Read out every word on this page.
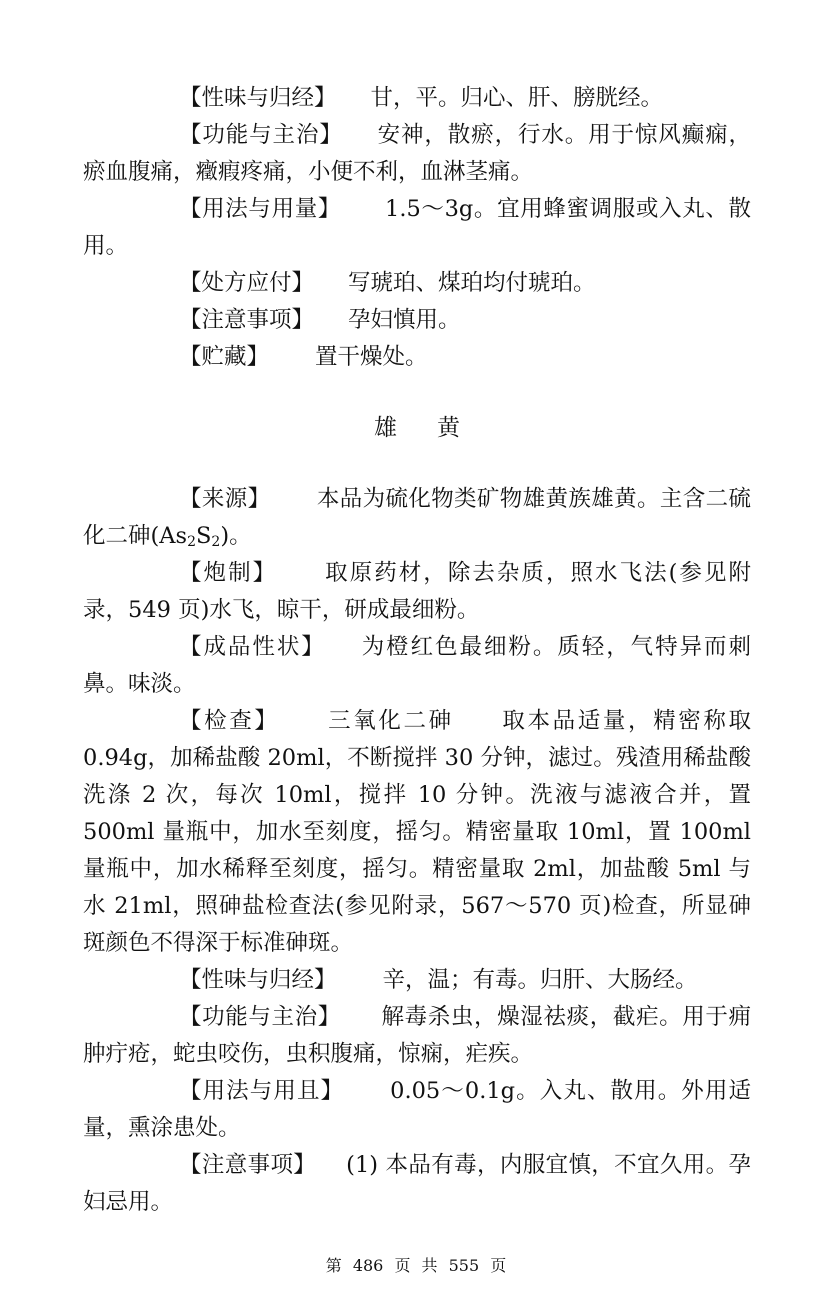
【性味与归经】 甘，平。归心、肝、膀胱经。

【功能与主治】 安神，散瘀，行水。用于惊风癫痫，瘀血腹痛，癥瘕疼痛，小便不利，血淋茎痛。

【用法与用量】 1.5～3g。宜用蜂蜜调服或入丸、散用。

【处方应付】 写琥珀、煤珀均付琥珀。

【注意事项】 孕妇慎用。

【贮藏】 置干燥处。

雄黄

【来源】 本品为硫化物类矿物雄黄族雄黄。主含二硫化二砷$(As_2S_2)$。

【炮制】 取原药材，除去杂质，照水飞法(参见附录，549 页)水飞，晾干，研成最细粉。

【成品性状】 为橙红色最细粉。质轻，气特异而刺鼻。味淡。

【检查】 三氧化二砷 取本品适量，精密称取 0.94g，加稀盐酸 20ml，不断搅拌 30 分钟，滤过。残渣用稀盐酸洗涤 2 次，每次 10ml，搅拌 10 分钟。洗液与滤液合并，置 500ml 量瓶中，加水至刻度，摇匀。精密量取 10ml，置 100ml 量瓶中，加水稀释至刻度，摇匀。精密量取 2ml，加盐酸 5ml 与水 21ml，照砷盐检查法(参见附录，567～570 页)检查，所显砷斑颜色不得深于标准砷斑。

【性味与归经】 辛，温；有毒。归肝、大肠经。

【功能与主治】 解毒杀虫，燥湿祛痰，截疟。用于痈肿疔疮，蛇虫咬伤，虫积腹痛，惊痫，疟疾。

【用法与用且】 0.05～0.1g。入丸、散用。外用适量，熏涂患处。

【注意事项】 (1) 本品有毒，内服宜慎，不宜久用。孕妇忌用。

第 486 页 共 555 页
